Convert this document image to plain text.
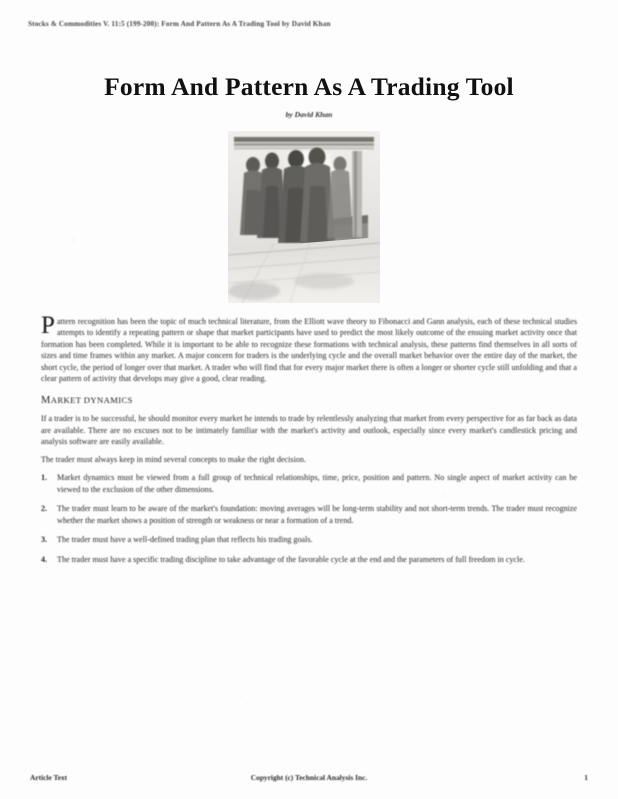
Stocks & Commodities V. 11:5 (199-200): Form And Pattern As A Trading Tool by David Khan
Form And Pattern As A Trading Tool
by David Khan

Pattern recognition has been the topic of much technical literature, from the Elliott wave theory to Fibonacci and Gann analysis, each of these technical studies attempts to identify a repeating pattern or shape that market participants have used to predict the most likely outcome of the ensuing market activity once that formation has been completed. While it is important to be able to recognize these formations with technical analysis, these patterns find themselves in all sorts of sizes and time frames within any market. A major concern for traders is the underlying cycle and the overall market behavior over the entire day of the market, the short cycle, the period of longer over that market. A trader who will find that for every major market there is often a longer or shorter cycle still unfolding and that a clear pattern of activity that develops may give a good, clear reading.

MARKET DYNAMICS

If a trader is to be successful, he should monitor every market he intends to trade by relentlessly analyzing that market from every perspective for as far back as data are available. There are no excuses not to be intimately familiar with the market's activity and outlook, especially since every market's candlestick pricing and analysis software are easily available.

The trader must always keep in mind several concepts to make the right decision.

1. Market dynamics must be viewed from a full group of technical relationships, time, price, position and pattern. No single aspect of market activity can be viewed to the exclusion of the other dimensions.
2. The trader must learn to be aware of the market's foundation: moving averages will be long-term stability and not short-term trends. The trader must recognize whether the market shows a position of strength or weakness or near a formation of a trend.
3. The trader must have a well-defined trading plan that reflects his trading goals.
4. The trader must have a specific trading discipline to take advantage of the favorable cycle at the end and the parameters of full freedom in cycle.
Article Text	Copyright (c) Technical Analysis Inc.	1
